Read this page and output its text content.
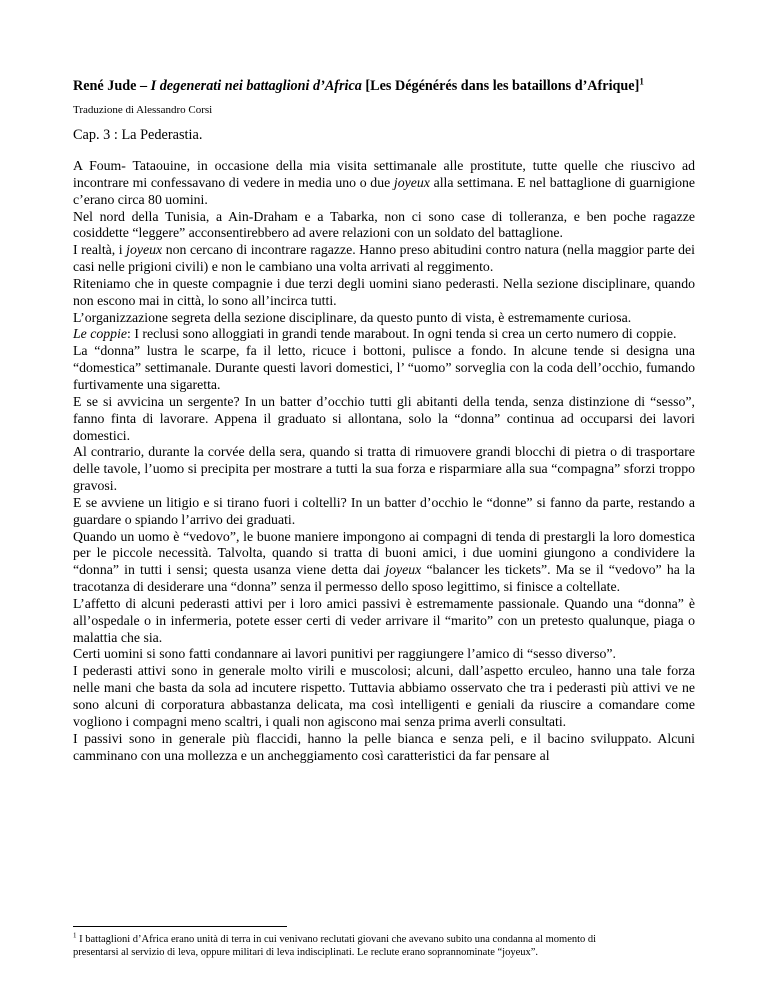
René Jude – I degenerati nei battaglioni d’Africa [Les Dégénérés dans les bataillons d’Afrique]$^1$

Traduzione di Alessandro Corsi
Cap. 3 : La Pederastia.

A Foum- Tataouine, in occasione della mia visita settimanale alle prostitute, tutte quelle che riuscivo ad incontrare mi confessavano di vedere in media uno o due joyeux alla settimana. E nel battaglione di guarnigione c’erano circa 80 uomini.

Nel nord della Tunisia, a Ain-Draham e a Tabarka, non ci sono case di tolleranza, e ben poche ragazze cosiddette “leggere” acconsentirebbero ad avere relazioni con un soldato del battaglione.

I realtà, i joyeux non cercano di incontrare ragazze. Hanno preso abitudini contro natura (nella maggior parte dei casi nelle prigioni civili) e non le cambiano una volta arrivati al reggimento.

Riteniamo che in queste compagnie i due terzi degli uomini siano pederasti. Nella sezione disciplinare, quando non escono mai in città, lo sono all’incirca tutti.

L’organizzazione segreta della sezione disciplinare, da questo punto di vista, è estremamente curiosa.

Le coppie: I reclusi sono alloggiati in grandi tende marabout. In ogni tenda si crea un certo numero di coppie.

La “donna” lustra le scarpe, fa il letto, ricuce i bottoni, pulisce a fondo. In alcune tende si designa una “domestica” settimanale. Durante questi lavori domestici, l’ “uomo” sorveglia con la coda dell’occhio, fumando furtivamente una sigaretta.

E se si avvicina un sergente? In un batter d’occhio tutti gli abitanti della tenda, senza distinzione di “sesso”, fanno finta di lavorare. Appena il graduato si allontana, solo la “donna” continua ad occuparsi dei lavori domestici.

Al contrario, durante la corvée della sera, quando si tratta di rimuovere grandi blocchi di pietra o di trasportare delle tavole, l’uomo si precipita per mostrare a tutti la sua forza e risparmiare alla sua “compagna” sforzi troppo gravosi.

E se avviene un litigio e si tirano fuori i coltelli? In un batter d’occhio le “donne” si fanno da parte, restando a guardare o spiando l’arrivo dei graduati.

Quando un uomo è “vedovo”, le buone maniere impongono ai compagni di tenda di prestargli la loro domestica per le piccole necessità. Talvolta, quando si tratta di buoni amici, i due uomini giungono a condividere la “donna” in tutti i sensi; questa usanza viene detta dai joyeux “balancer les tickets”. Ma se il “vedovo” ha la tracotanza di desiderare una “donna” senza il permesso dello sposo legittimo, si finisce a coltellate.

L’affetto di alcuni pederasti attivi per i loro amici passivi è estremamente passionale. Quando una “donna” è all’ospedale o in infermeria, potete esser certi di veder arrivare il “marito” con un pretesto qualunque, piaga o malattia che sia.

Certi uomini si sono fatti condannare ai lavori punitivi per raggiungere l’amico di “sesso diverso”.

I pederasti attivi sono in generale molto virili e muscolosi; alcuni, dall’aspetto erculeo, hanno una tale forza nelle mani che basta da sola ad incutere rispetto. Tuttavia abbiamo osservato che tra i pederasti più attivi ve ne sono alcuni di corporatura abbastanza delicata, ma così intelligenti e geniali da riuscire a comandare come vogliono i compagni meno scaltri, i quali non agiscono mai senza prima averli consultati.

I passivi sono in generale più flaccidi, hanno la pelle bianca e senza peli, e il bacino sviluppato. Alcuni camminano con una mollezza e un ancheggiamento così caratteristici da far pensare al

$^1$ I battaglioni d’Africa erano unità di terra in cui venivano reclutati giovani che avevano subito una condanna al momento di presentarsi al servizio di leva, oppure militari di leva indisciplinati. Le reclute erano soprannominate “joyeux”.
